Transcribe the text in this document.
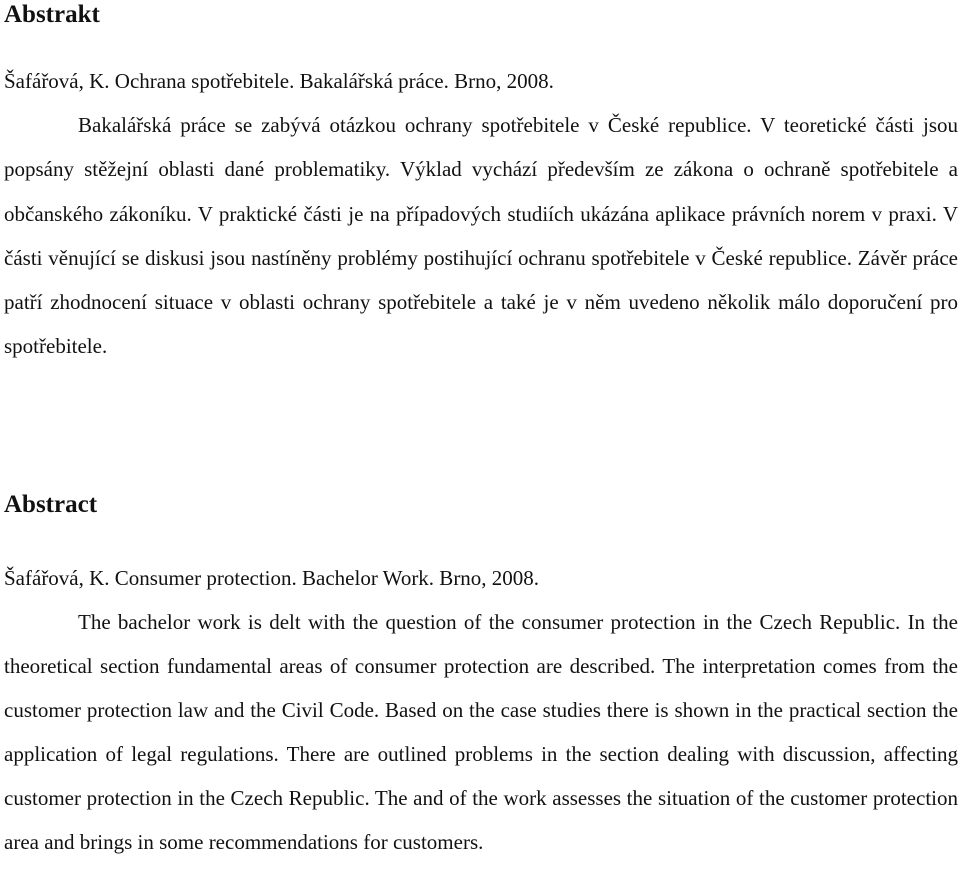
Abstrakt

Šafářová, K. Ochrana spotřebitele. Bakalářská práce. Brno, 2008.

Bakalářská práce se zabývá otázkou ochrany spotřebitele v České republice. V teoretické části jsou popsány stěžejní oblasti dané problematiky. Výklad vychází především ze zákona o ochraně spotřebitele a občanského zákoníku. V praktické části je na případových studiích ukázána aplikace právních norem v praxi. V části věnující se diskusi jsou nastíněny problémy postihující ochranu spotřebitele v České republice. Závěr práce patří zhodnocení situace v oblasti ochrany spotřebitele a také je v něm uvedeno několik málo doporučení pro spotřebitele.

Abstract

Šafářová, K. Consumer protection. Bachelor Work. Brno, 2008.

The bachelor work is delt with the question of the consumer protection in the Czech Republic. In the theoretical section fundamental areas of consumer protection are described. The interpretation comes from the customer protection law and the Civil Code. Based on the case studies there is shown in the practical section the application of legal regulations. There are outlined problems in the section dealing with discussion, affecting customer protection in the Czech Republic. The and of the work assesses the situation of the customer protection area and brings in some recommendations for customers.
